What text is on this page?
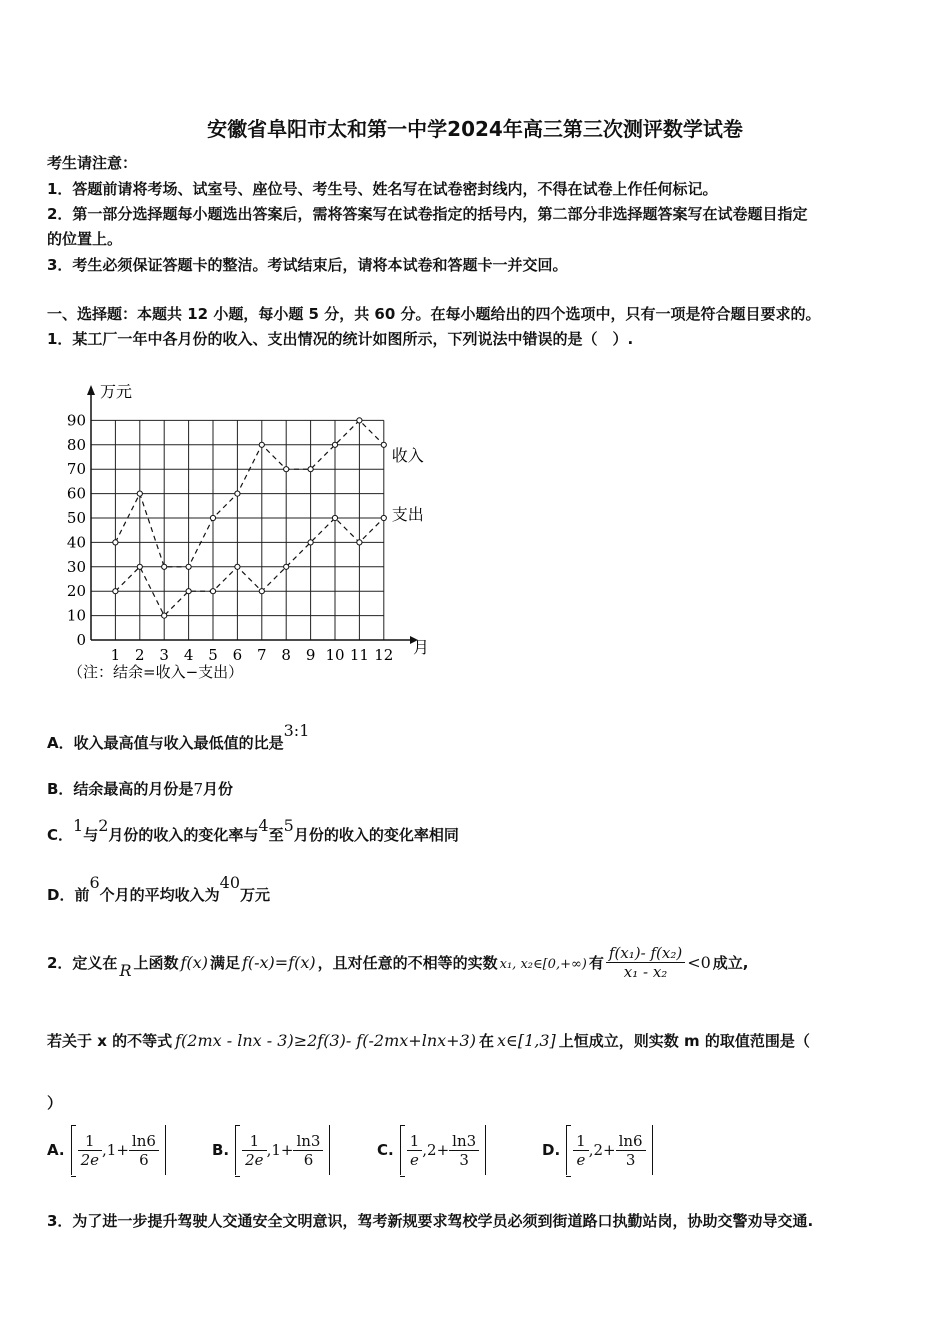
安徽省阜阳市太和第一中学2024年高三第三次测评数学试卷
考生请注意：
1．答题前请将考场、试室号、座位号、考生号、姓名写在试卷密封线内，不得在试卷上作任何标记。
2．第一部分选择题每小题选出答案后，需将答案写在试卷指定的括号内，第二部分非选择题答案写在试卷题目指定
的位置上。
3．考生必须保证答题卡的整洁。考试结束后，请将本试卷和答题卡一并交回。
一、选择题：本题共 12 小题，每小题 5 分，共 60 分。在每小题给出的四个选项中，只有一项是符合题目要求的。
1．某工厂一年中各月份的收入、支出情况的统计如图所示，下列说法中错误的是（　）.
0
10
20
30
40
50
60
70
80
90
1 2 3 4 5 6 7 8 9 10 11 12
万元
月
（注：结余=收入−支出）
收入
支出
A．收入最高值与收入最低值的比是3:1
B．结余最高的月份是7月份
C．1与2月份的收入的变化率与4至5月份的收入的变化率相同
D．前6个月的平均收入为40万元
2．定义在 R 上函数 f(x) 满足 f(-x)=f(x) ，且对任意的不相等的实数 x₁, x₂∈[0,+∞) 有 $\frac{\text{f(x₁)- f(x₂)}}{\text{x₁ - x₂}} <0$ 成立,
若关于 x 的不等式 f(2mx - lnx - 3)≥2f(3)- f(-2mx+lnx+3) 在 x∈[1,3] 上恒成立，则实数 m 的取值范围是（
）
A. $\frac{1}{2e} ,1+ \frac{\ln 6}{6}$	B. $\frac{1}{2e} ,1+ \frac{\ln 3}{6}$	C. $\frac{1}{e} ,2+ \frac{\ln 3}{3}$	D. $\frac{1}{e} ,2+ \frac{\ln 6}{3}$
3．为了进一步提升驾驶人交通安全文明意识，驾考新规要求驾校学员必须到街道路口执勤站岗，协助交警劝导交通.
